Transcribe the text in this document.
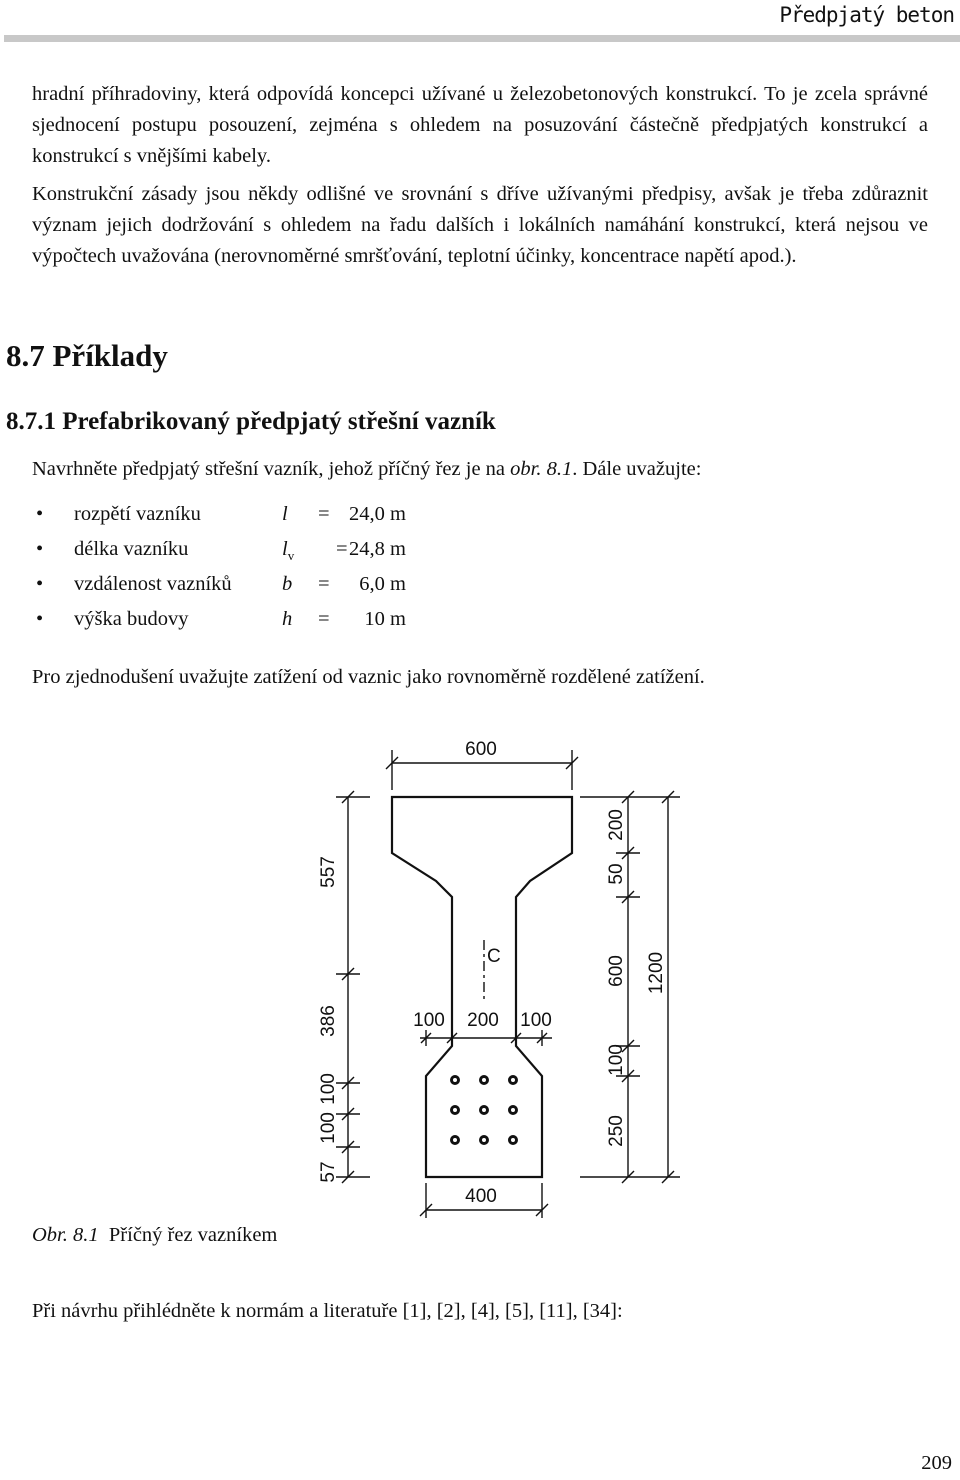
Předpjatý beton

hradní příhradoviny, která odpovídá koncepci užívané u železobetonových konstrukcí. To je zcela správné sjednocení postupu posouzení, zejména s ohledem na posuzování částečně předpjatých konstrukcí a konstrukcí s vnějšími kabely.

Konstrukční zásady jsou někdy odlišné ve srovnání s dříve užívanými předpisy, avšak je třeba zdůraznit význam jejich dodržování s ohledem na řadu dalších i lokálních namáhání konstrukcí, která nejsou ve výpočtech uvažována (nerovnoměrné smršťování, teplotní účinky, koncentrace napětí apod.).

8.7 Příklady
8.7.1 Prefabrikovaný předpjatý střešní vazník

Navrhněte předpjatý střešní vazník, jehož příčný řez je na obr. 8.1. Dále uvažujte:

• rozpětí vazníku	l = 24,0 m
• délka vazníku	$l_v = 24,8$ m
• vzdálenost vazníků b =	6,0 m
• výška budovy	h =	10 m

Pro zjednodušení uvažujte zatížení od vaznic jako rovnoměrně rozdělené zatížení.

600
400
100 200 100
C
557
386
100
100
57
200
50
600
100
250
1200
Obr. 8.1 Příčný řez vazníkem

Při návrhu přihlédněte k normám a literatuře [1], [2], [4], [5], [11], [34]:

209
